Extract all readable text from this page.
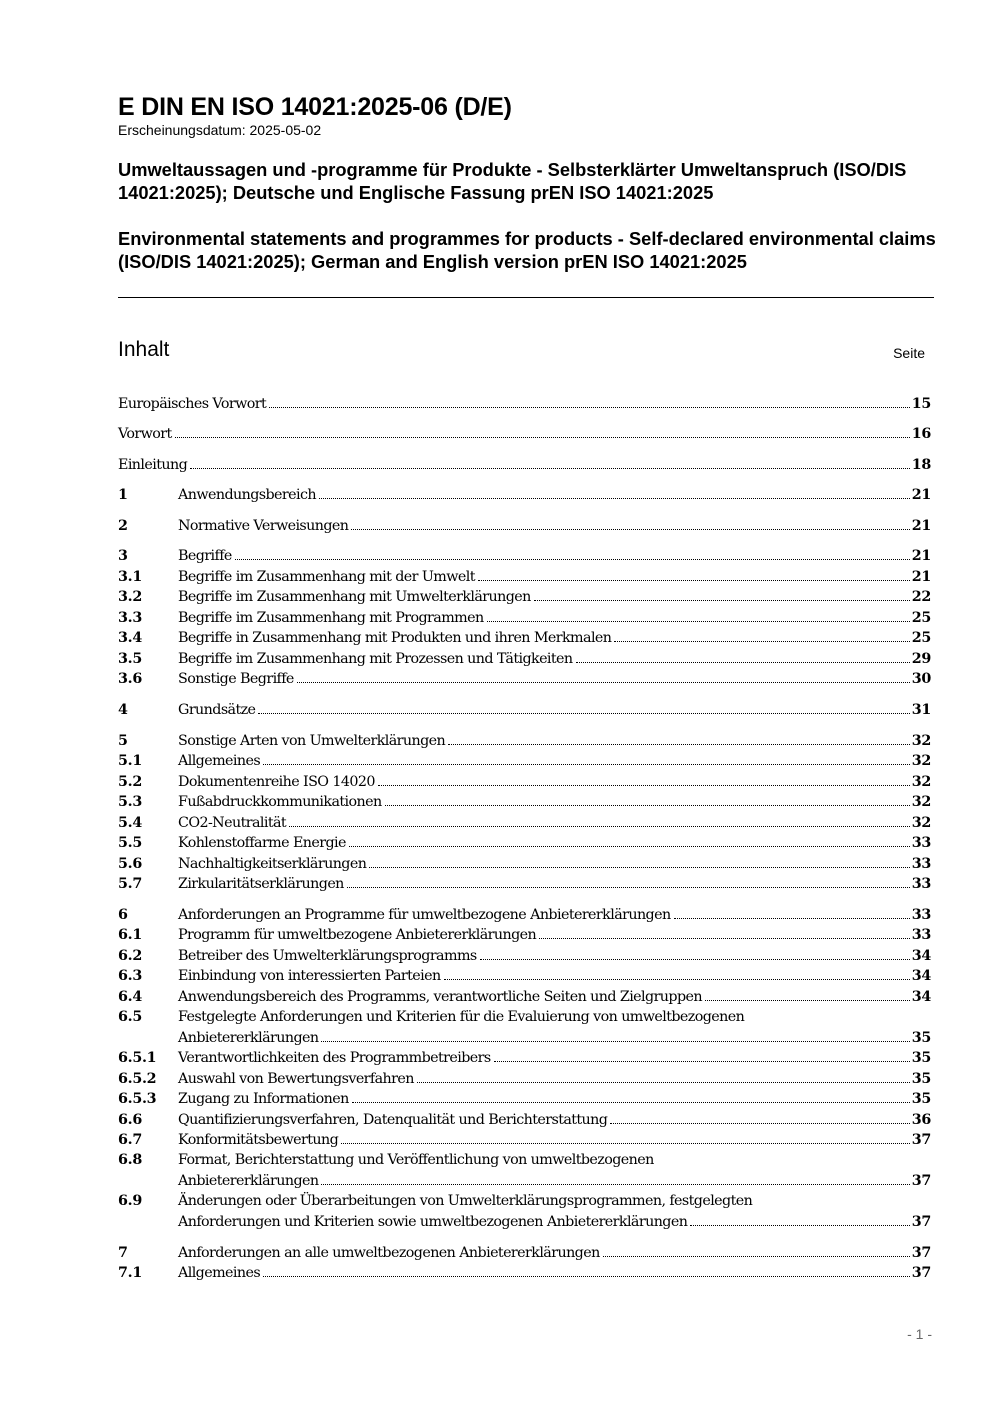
E DIN EN ISO 14021:2025-06 (D/E)
Erscheinungsdatum: 2025-05-02
Umweltaussagen und -programme für Produkte - Selbsterklärter Umweltanspruch (ISO/DIS 14021:2025); Deutsche und Englische Fassung prEN ISO 14021:2025
Environmental statements and programmes for products - Self-declared environmental claims (ISO/DIS 14021:2025); German and English version prEN ISO 14021:2025
Inhalt	Seite
Europäisches Vorwort	15
Vorwort	16
Einleitung	18
1	Anwendungsbereich	21
2	Normative Verweisungen	21
3	Begriffe	21
3.1	Begriffe im Zusammenhang mit der Umwelt	21
3.2	Begriffe im Zusammenhang mit Umwelterklärungen	22
3.3	Begriffe im Zusammenhang mit Programmen	25
3.4	Begriffe in Zusammenhang mit Produkten und ihren Merkmalen	25
3.5	Begriffe im Zusammenhang mit Prozessen und Tätigkeiten	29
3.6	Sonstige Begriffe	30
4	Grundsätze	31
5	Sonstige Arten von Umwelterklärungen	32
5.1	Allgemeines	32
5.2	Dokumentenreihe ISO 14020	32
5.3	Fußabdruckkommunikationen	32
5.4	CO2-Neutralität	32
5.5	Kohlenstoffarme Energie	33
5.6	Nachhaltigkeitserklärungen	33
5.7	Zirkularitätserklärungen	33
6	Anforderungen an Programme für umweltbezogene Anbietererklärungen	33
6.1	Programm für umweltbezogene Anbietererklärungen	33
6.2	Betreiber des Umwelterklärungsprogramms	34
6.3	Einbindung von interessierten Parteien	34
6.4	Anwendungsbereich des Programms, verantwortliche Seiten und Zielgruppen	34
6.5	Festgelegte Anforderungen und Kriterien für die Evaluierung von umweltbezogenen
Anbietererklärungen	35
6.5.1 Verantwortlichkeiten des Programmbetreibers	35
6.5.2 Auswahl von Bewertungsverfahren	35
6.5.3 Zugang zu Informationen	35
6.6	Quantifizierungsverfahren, Datenqualität und Berichterstattung	36
6.7	Konformitätsbewertung	37
6.8	Format, Berichterstattung und Veröffentlichung von umweltbezogenen
Anbietererklärungen	37
6.9	Änderungen oder Überarbeitungen von Umwelterklärungsprogrammen, festgelegten
Anforderungen und Kriterien sowie umweltbezogenen Anbietererklärungen	37
7	Anforderungen an alle umweltbezogenen Anbietererklärungen	37
7.1	Allgemeines	37
- 1 -
